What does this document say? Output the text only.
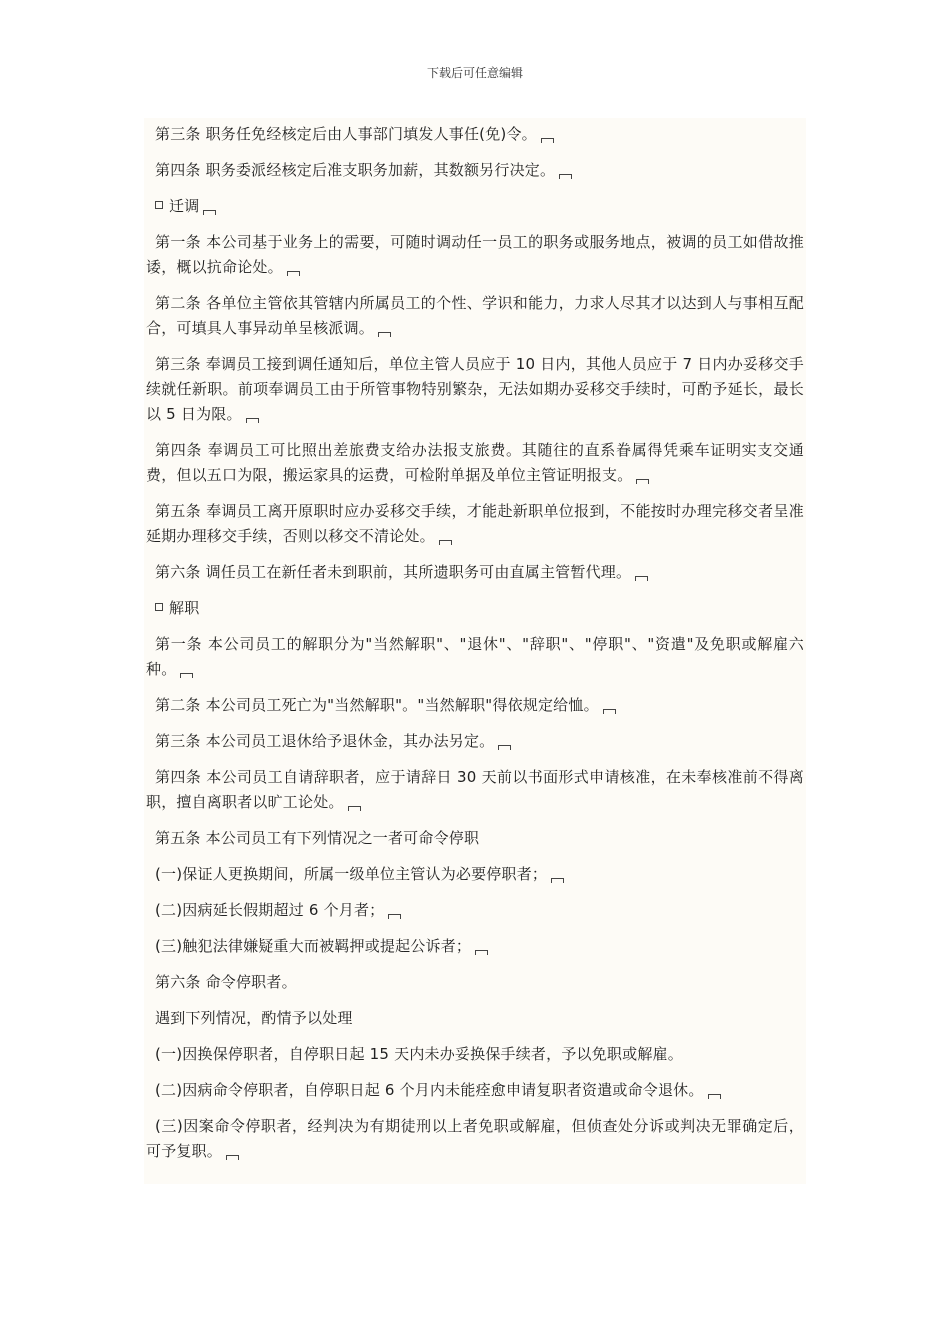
下载后可任意编辑

第三条 职务任免经核定后由人事部门填发人事任(免)令。

第四条 职务委派经核定后准支职务加薪，其数额另行决定。

迁调

第一条 本公司基于业务上的需要，可随时调动任一员工的职务或服务地点，被调的员工如借故推诿，概以抗命论处。

第二条 各单位主管依其管辖内所属员工的个性、学识和能力，力求人尽其才以达到人与事相互配合，可填具人事异动单呈核派调。

第三条 奉调员工接到调任通知后，单位主管人员应于 10 日内，其他人员应于 7 日内办妥移交手续就任新职。前项奉调员工由于所管事物特别繁杂，无法如期办妥移交手续时，可酌予延长，最长以 5 日为限。

第四条 奉调员工可比照出差旅费支给办法报支旅费。其随往的直系眷属得凭乘车证明实支交通费，但以五口为限，搬运家具的运费，可检附单据及单位主管证明报支。

第五条 奉调员工离开原职时应办妥移交手续，才能赴新职单位报到，不能按时办理完移交者呈准延期办理移交手续，否则以移交不清论处。

第六条 调任员工在新任者未到职前，其所遗职务可由直属主管暂代理。

解职

第一条 本公司员工的解职分为"当然解职"、"退休"、"辞职"、"停职"、"资遣"及免职或解雇六种。

第二条 本公司员工死亡为"当然解职"。"当然解职"得依规定给恤。

第三条 本公司员工退休给予退休金，其办法另定。

第四条 本公司员工自请辞职者，应于请辞日 30 天前以书面形式申请核准，在未奉核准前不得离职，擅自离职者以旷工论处。

第五条 本公司员工有下列情况之一者可命令停职

(一)保证人更换期间，所属一级单位主管认为必要停职者；

(二)因病延长假期超过 6 个月者；

(三)触犯法律嫌疑重大而被羁押或提起公诉者；

第六条 命令停职者。

遇到下列情况，酌情予以处理

(一)因换保停职者，自停职日起 15 天内未办妥换保手续者，予以免职或解雇。

(二)因病命令停职者，自停职日起 6 个月内未能痊愈申请复职者资遣或命令退休。

(三)因案命令停职者，经判决为有期徒刑以上者免职或解雇，但侦查处分诉或判决无罪确定后，可予复职。
